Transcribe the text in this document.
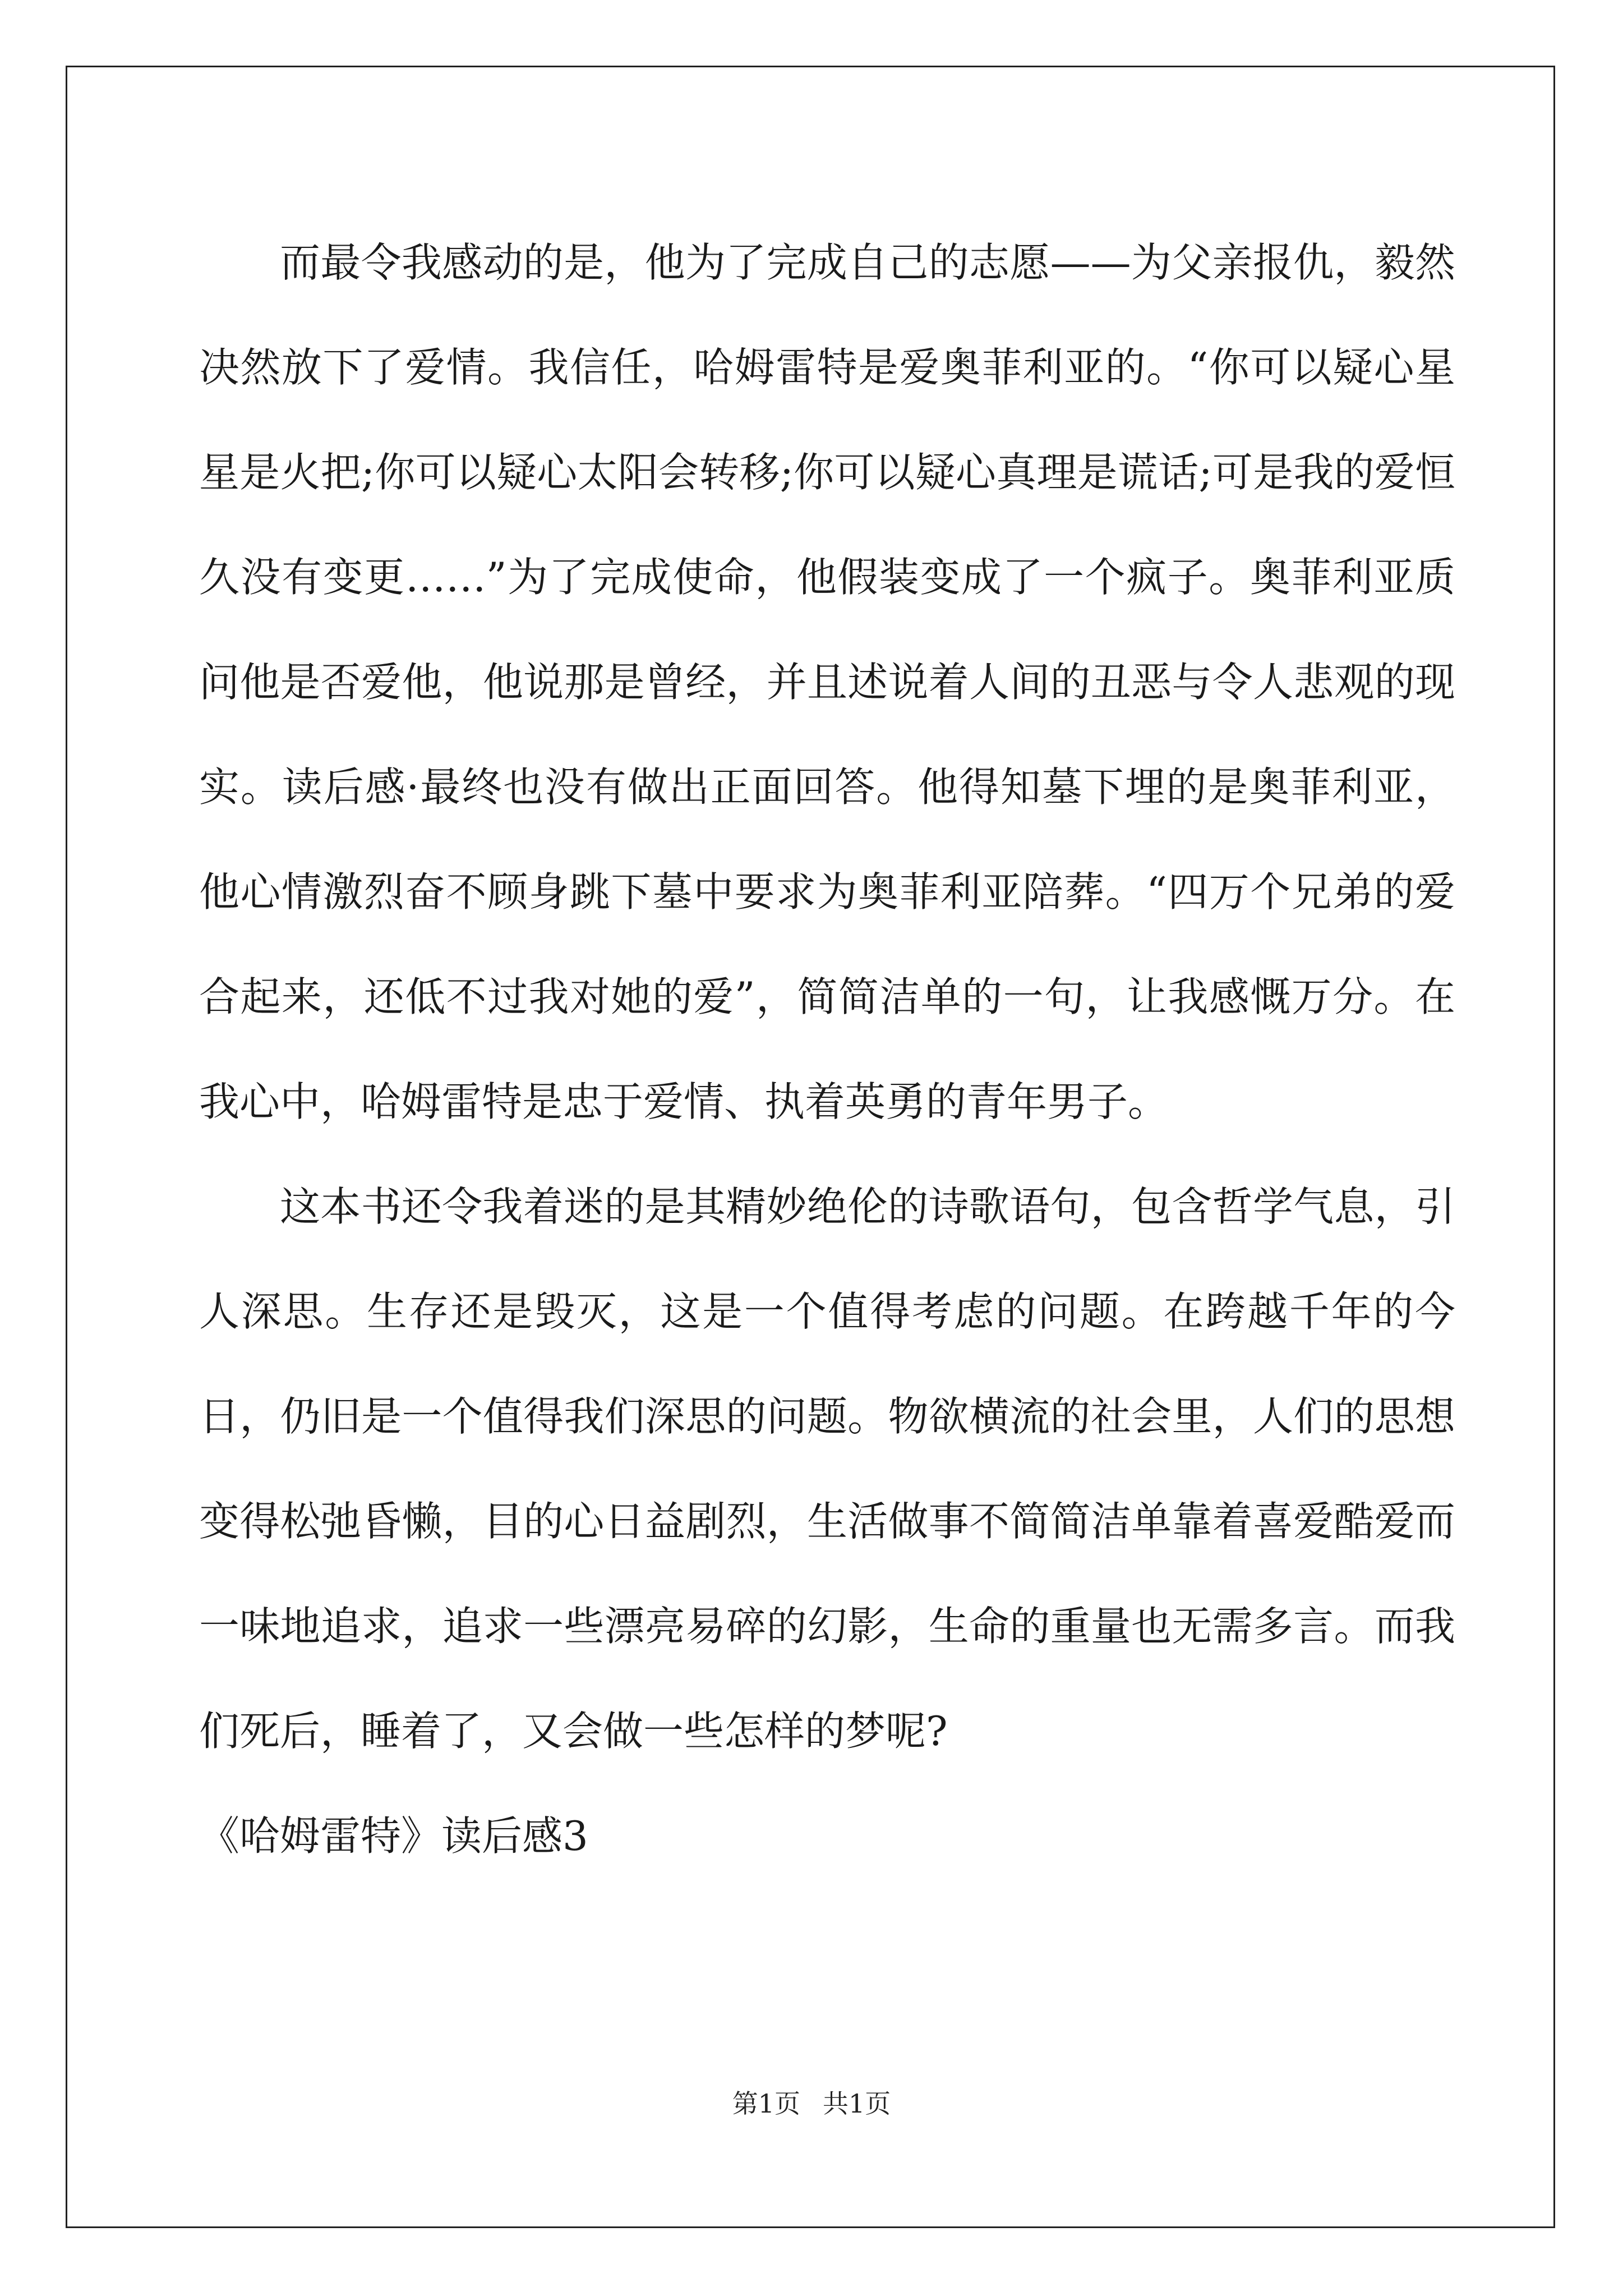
而最令我感动的是，他为了完成自己的志愿——为父亲报仇，毅然决然放下了爱情。我信任，哈姆雷特是爱奥菲利亚的。“你可以疑心星星是火把;你可以疑心太阳会转移;你可以疑心真理是谎话;可是我的爱恒久没有变更……”为了完成使命，他假装变成了一个疯子。奥菲利亚质问他是否爱他，他说那是曾经，并且述说着人间的丑恶与令人悲观的现实。读后感·最终也没有做出正面回答。他得知墓下埋的是奥菲利亚，他心情激烈奋不顾身跳下墓中要求为奥菲利亚陪葬。“四万个兄弟的爱合起来，还低不过我对她的爱”，简简洁单的一句，让我感慨万分。在我心中，哈姆雷特是忠于爱情、执着英勇的青年男子。

这本书还令我着迷的是其精妙绝伦的诗歌语句，包含哲学气息，引人深思。生存还是毁灭，这是一个值得考虑的问题。在跨越千年的今日，仍旧是一个值得我们深思的问题。物欲横流的社会里，人们的思想变得松弛昏懒，目的心日益剧烈，生活做事不简简洁单靠着喜爱酷爱而一味地追求，追求一些漂亮易碎的幻影，生命的重量也无需多言。而我们死后，睡着了，又会做一些怎样的梦呢?

《哈姆雷特》读后感3

第1页 共1页
